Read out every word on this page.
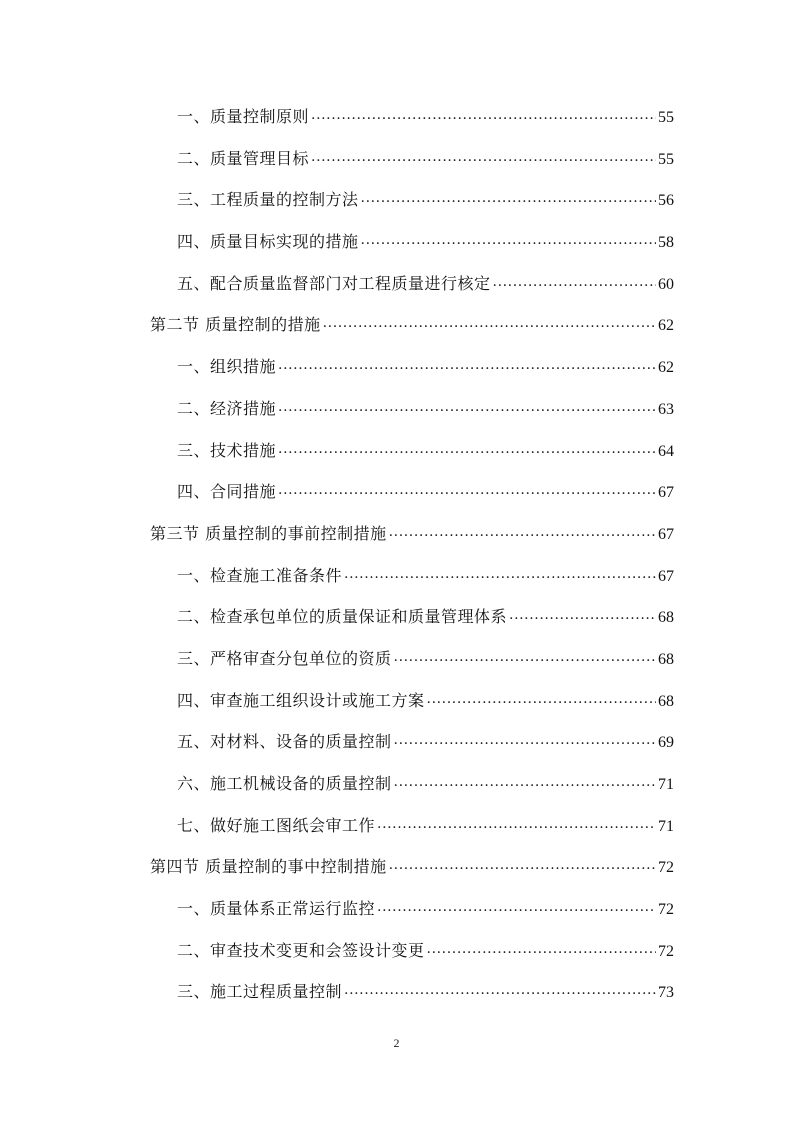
一、质量控制原则 .....	55
二、质量管理目标 .....	55
三、工程质量的控制方法 .....	56
四、质量目标实现的措施 .....	58
五、配合质量监督部门对工程质量进行核定 .....	60
第二节 质量控制的措施 .....	62
一、组织措施 .....	62
二、经济措施 .....	63
三、技术措施 .....	64
四、合同措施 .....	67
第三节 质量控制的事前控制措施 .....	67
一、检查施工准备条件 .....	67
二、检查承包单位的质量保证和质量管理体系 .....	68
三、严格审查分包单位的资质 .....	68
四、审查施工组织设计或施工方案 .....	68
五、对材料、设备的质量控制 .....	69
六、施工机械设备的质量控制 .....	71
七、做好施工图纸会审工作 .....	71
第四节 质量控制的事中控制措施 .....	72
一、质量体系正常运行监控 .....	72
二、审查技术变更和会签设计变更 .....	72
三、施工过程质量控制 .....	73
2
